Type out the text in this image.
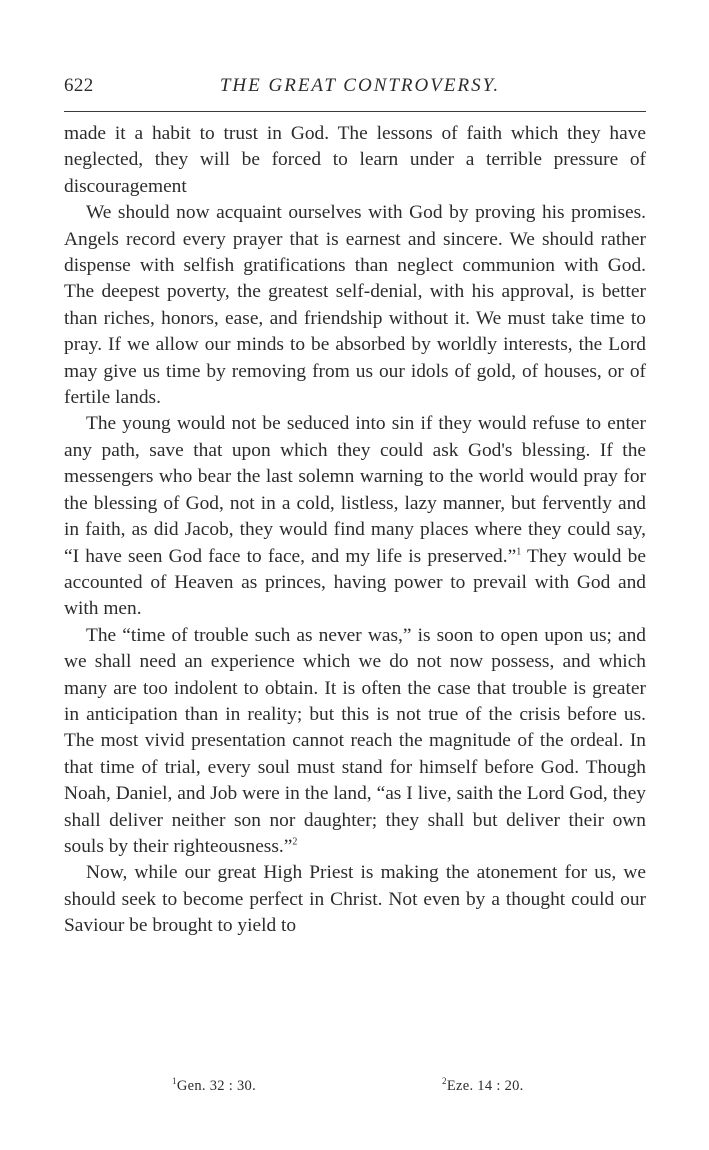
622	THE GREAT CONTROVERSY.

made it a habit to trust in God. The lessons of faith which they have neglected, they will be forced to learn under a terrible pressure of discouragement

We should now acquaint ourselves with God by proving his promises. Angels record every prayer that is earnest and sincere. We should rather dispense with selfish gratifications than neglect communion with God. The deepest poverty, the greatest self-denial, with his approval, is better than riches, honors, ease, and friendship without it. We must take time to pray. If we allow our minds to be absorbed by worldly interests, the Lord may give us time by removing from us our idols of gold, of houses, or of fertile lands.

The young would not be seduced into sin if they would refuse to enter any path, save that upon which they could ask God's blessing. If the messengers who bear the last solemn warning to the world would pray for the blessing of God, not in a cold, listless, lazy manner, but fervently and in faith, as did Jacob, they would find many places where they could say, “I have seen God face to face, and my life is preserved.”$^1$ They would be accounted of Heaven as princes, having power to prevail with God and with men.

The “time of trouble such as never was,” is soon to open upon us; and we shall need an experience which we do not now possess, and which many are too indolent to obtain. It is often the case that trouble is greater in anticipation than in reality; but this is not true of the crisis before us. The most vivid presentation cannot reach the magnitude of the ordeal. In that time of trial, every soul must stand for himself before God. Though Noah, Daniel, and Job were in the land, “as I live, saith the Lord God, they shall deliver neither son nor daughter; they shall but deliver their own souls by their righteousness.”$^2$

Now, while our great High Priest is making the atonement for us, we should seek to become perfect in Christ. Not even by a thought could our Saviour be brought to yield to

$^1$Gen. 32 : 30.	$^2$Eze. 14 : 20.
